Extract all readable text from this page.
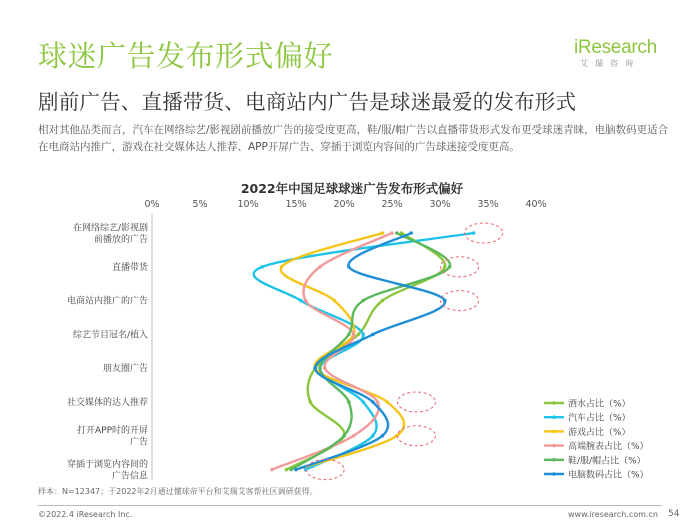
球迷广告发布形式偏好	iResearch
艾瑞咨询
剧前广告、直播带货、电商站内广告是球迷最爱的发布形式
相对其他品类而言，汽车在网络综艺/影视剧前播放广告的接受度更高，鞋/服/帽广告以直播带货形式发布更受球迷青睐，电脑数码更适合在电商站内推广，游戏在社交媒体达人推荐、APP开屏广告、穿插于浏览内容间的广告球迷接受度更高。
2022年中国足球球迷广告发布形式偏好
0%	5%	10%	15%	20%	25%	30%	35%	40%
在网络综艺/影视剧前播放的广告
直播带货
电商站内推广的广告
综艺节目冠名/植入
朋友圈广告
社交媒体的达人推荐
打开APP时的开屏广告
穿插于浏览内容间的广告信息
酒水占比（%）
汽车占比（%）
游戏占比（%）
高端腕表占比（%）
鞋/服/帽占比（%）
电脑数码占比（%）
样本：N=12347；于2022年2月通过懂球帝平台和艾瑞艾客帮社区调研获得。
©2022.4 iResearch Inc.	www.iresearch.com.cn 54
